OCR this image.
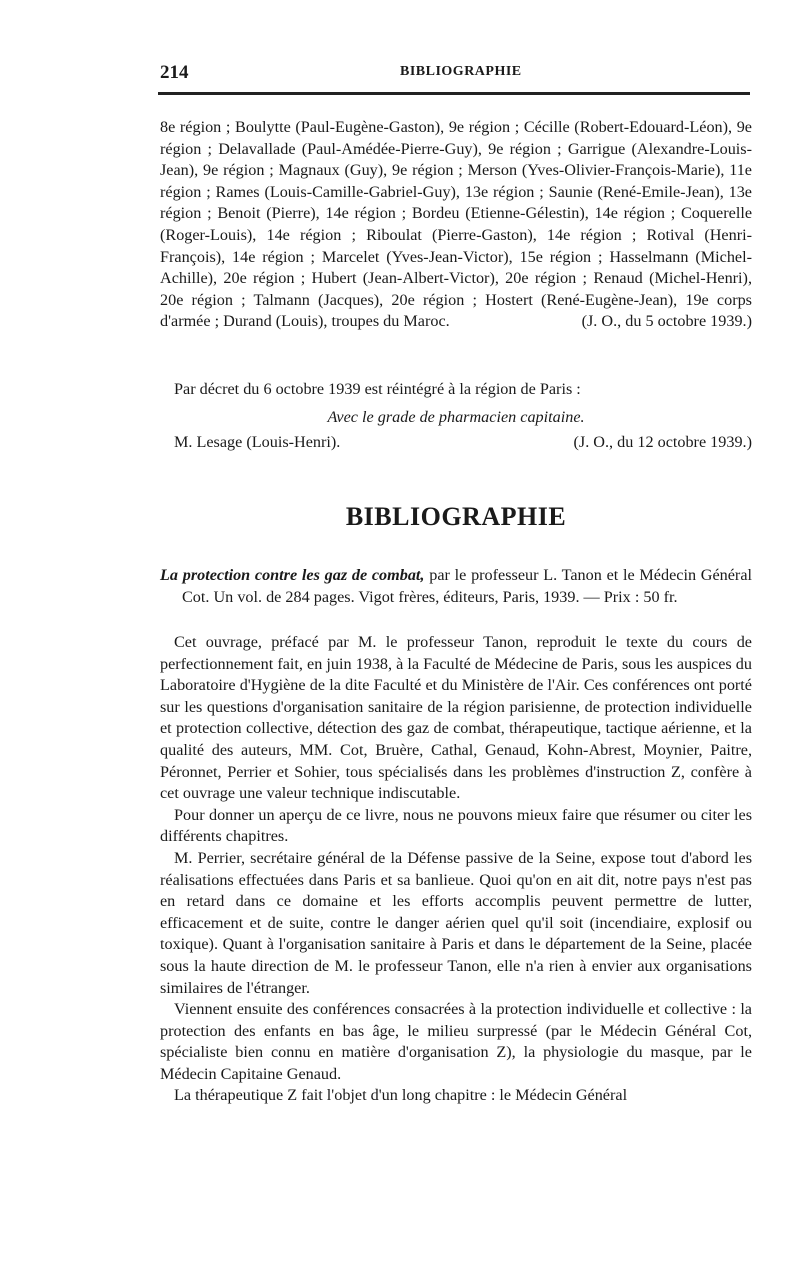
214	BIBLIOGRAPHIE

8e région ; Boulytte (Paul-Eugène-Gaston), 9e région ; Cécille (Robert-Edouard-Léon), 9e région ; Delavallade (Paul-Amédée-Pierre-Guy), 9e région ; Garrigue (Alexandre-Louis-Jean), 9e région ; Magnaux (Guy), 9e région ; Merson (Yves-Olivier-François-Marie), 11e région ; Rames (Louis-Camille-Gabriel-Guy), 13e région ; Saunie (René-Emile-Jean), 13e région ; Benoit (Pierre), 14e région ; Bordeu (Etienne-Gélestin), 14e région ; Coquerelle (Roger-Louis), 14e région ; Riboulat (Pierre-Gaston), 14e région ; Rotival (Henri-François), 14e région ; Marcelet (Yves-Jean-Victor), 15e région ; Hasselmann (Michel-Achille), 20e région ; Hubert (Jean-Albert-Victor), 20e région ; Renaud (Michel-Henri), 20e région ; Talmann (Jacques), 20e région ; Hostert (René-Eugène-Jean), 19e corps d'armée ; Durand (Louis), troupes du Maroc.	(J. O., du 5 octobre 1939.)

Par décret du 6 octobre 1939 est réintégré à la région de Paris :

Avec le grade de pharmacien capitaine.

M. Lesage (Louis-Henri).	(J. O., du 12 octobre 1939.)
BIBLIOGRAPHIE

La protection contre les gaz de combat, par le professeur L. Tanon et le Médecin Général Cot. Un vol. de 284 pages. Vigot frères, éditeurs, Paris, 1939. — Prix : 50 fr.

Cet ouvrage, préfacé par M. le professeur Tanon, reproduit le texte du cours de perfectionnement fait, en juin 1938, à la Faculté de Médecine de Paris, sous les auspices du Laboratoire d'Hygiène de la dite Faculté et du Ministère de l'Air. Ces conférences ont porté sur les questions d'organisation sanitaire de la région parisienne, de protection individuelle et protection collective, détection des gaz de combat, thérapeutique, tactique aérienne, et la qualité des auteurs, MM. Cot, Bruère, Cathal, Genaud, Kohn-Abrest, Moynier, Paitre, Péronnet, Perrier et Sohier, tous spécialisés dans les problèmes d'instruction Z, confère à cet ouvrage une valeur technique indiscutable.

Pour donner un aperçu de ce livre, nous ne pouvons mieux faire que résumer ou citer les différents chapitres.

M. Perrier, secrétaire général de la Défense passive de la Seine, expose tout d'abord les réalisations effectuées dans Paris et sa banlieue. Quoi qu'on en ait dit, notre pays n'est pas en retard dans ce domaine et les efforts accomplis peuvent permettre de lutter, efficacement et de suite, contre le danger aérien quel qu'il soit (incendiaire, explosif ou toxique). Quant à l'organisation sanitaire à Paris et dans le département de la Seine, placée sous la haute direction de M. le professeur Tanon, elle n'a rien à envier aux organisations similaires de l'étranger.

Viennent ensuite des conférences consacrées à la protection individuelle et collective : la protection des enfants en bas âge, le milieu surpressé (par le Médecin Général Cot, spécialiste bien connu en matière d'organisation Z), la physiologie du masque, par le Médecin Capitaine Genaud.

La thérapeutique Z fait l'objet d'un long chapitre : le Médecin Général
